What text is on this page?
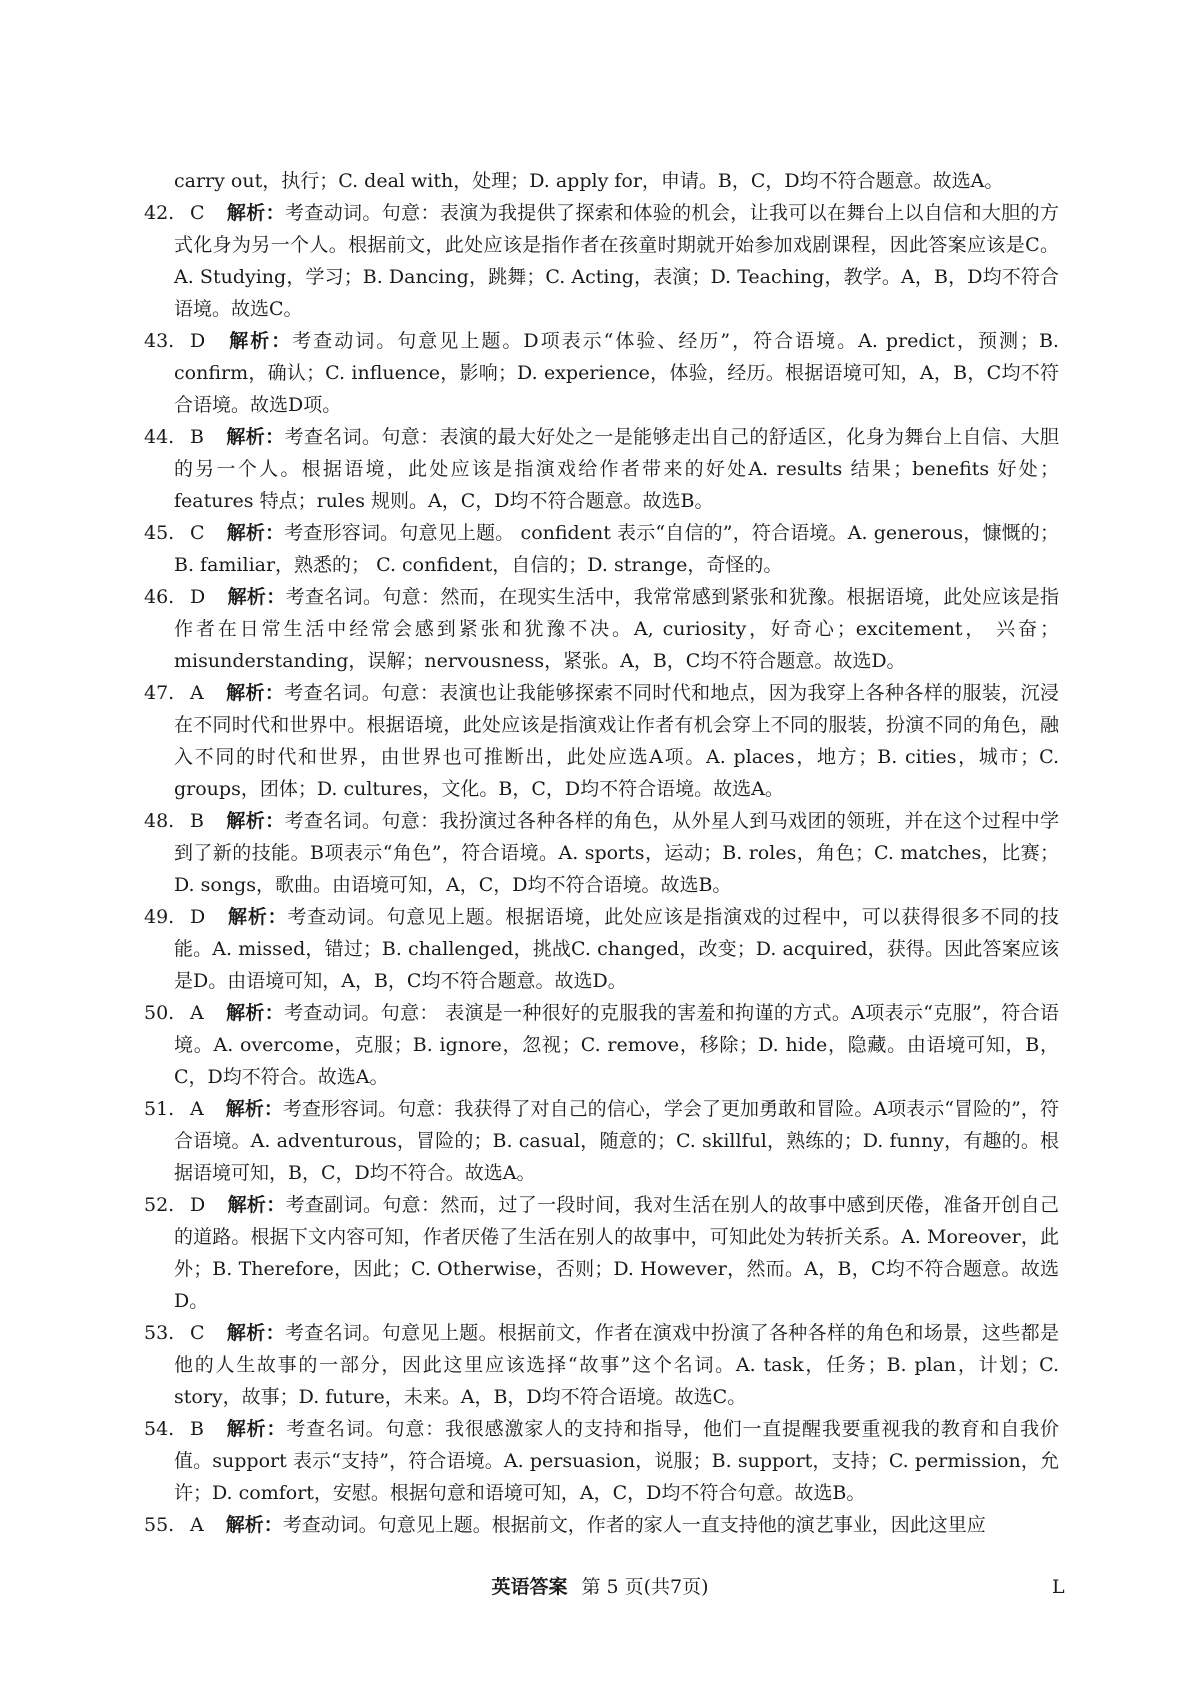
carry out，执行；C. deal with，处理；D. apply for，申请。B，C，D均不符合题意。故选A。
42. C 解析：考查动词。句意：表演为我提供了探索和体验的机会，让我可以在舞台上以自信和大胆的方式化身为另一个人。根据前文，此处应该是指作者在孩童时期就开始参加戏剧课程，因此答案应该是C。A. Studying，学习；B. Dancing，跳舞；C. Acting，表演；D. Teaching，教学。A，B，D均不符合语境。故选C。
43. D 解析：考查动词。句意见上题。D项表示“体验、经历”，符合语境。A. predict，预测；B. confirm，确认；C. influence，影响；D. experience，体验，经历。根据语境可知，A，B，C均不符合语境。故选D项。
44. B 解析：考查名词。句意：表演的最大好处之一是能够走出自己的舒适区，化身为舞台上自信、大胆的另一个人。根据语境，此处应该是指演戏给作者带来的好处A. results 结果；benefits 好处；features 特点；rules 规则。A，C，D均不符合题意。故选B。
45. C 解析：考查形容词。句意见上题。 confident 表示“自信的”，符合语境。A. generous，慷慨的；B. familiar，熟悉的； C. confident，自信的；D. strange，奇怪的。
46. D 解析：考查名词。句意：然而，在现实生活中，我常常感到紧张和犹豫。根据语境，此处应该是指作者在日常生活中经常会感到紧张和犹豫不决。A, curiosity，好奇心；excitement， 兴奋；misunderstanding，误解；nervousness，紧张。A，B，C均不符合题意。故选D。
47. A 解析：考查名词。句意：表演也让我能够探索不同时代和地点，因为我穿上各种各样的服装，沉浸在不同时代和世界中。根据语境，此处应该是指演戏让作者有机会穿上不同的服装，扮演不同的角色，融入不同的时代和世界，由世界也可推断出，此处应选A项。A. places，地方；B. cities，城市；C. groups，团体；D. cultures，文化。B，C，D均不符合语境。故选A。
48. B 解析：考查名词。句意：我扮演过各种各样的角色，从外星人到马戏团的领班，并在这个过程中学到了新的技能。B项表示“角色”，符合语境。A. sports，运动；B. roles，角色；C. matches，比赛；D. songs，歌曲。由语境可知，A，C，D均不符合语境。故选B。
49. D 解析：考查动词。句意见上题。根据语境，此处应该是指演戏的过程中，可以获得很多不同的技能。A. missed，错过；B. challenged，挑战C. changed，改变；D. acquired，获得。因此答案应该是D。由语境可知，A，B，C均不符合题意。故选D。
50. A 解析：考查动词。句意： 表演是一种很好的克服我的害羞和拘谨的方式。A项表示“克服”，符合语境。A. overcome，克服；B. ignore，忽视；C. remove，移除；D. hide，隐藏。由语境可知，B，C，D均不符合。故选A。
51. A 解析：考查形容词。句意：我获得了对自己的信心，学会了更加勇敢和冒险。A项表示“冒险的”，符合语境。A. adventurous，冒险的；B. casual，随意的；C. skillful，熟练的；D. funny，有趣的。根据语境可知，B，C，D均不符合。故选A。
52. D 解析：考查副词。句意：然而，过了一段时间，我对生活在别人的故事中感到厌倦，准备开创自己的道路。根据下文内容可知，作者厌倦了生活在别人的故事中，可知此处为转折关系。A. Moreover，此外；B. Therefore，因此；C. Otherwise，否则；D. However，然而。A，B，C均不符合题意。故选D。
53. C 解析：考查名词。句意见上题。根据前文，作者在演戏中扮演了各种各样的角色和场景，这些都是他的人生故事的一部分，因此这里应该选择“故事”这个名词。A. task，任务；B. plan，计划；C. story，故事；D. future，未来。A，B，D均不符合语境。故选C。
54. B 解析：考查名词。句意：我很感激家人的支持和指导，他们一直提醒我要重视我的教育和自我价值。support 表示“支持”，符合语境。A. persuasion，说服；B. support，支持；C. permission，允许；D. comfort，安慰。根据句意和语境可知，A，C，D均不符合句意。故选B。
55. A 解析：考查动词。句意见上题。根据前文，作者的家人一直支持他的演艺事业，因此这里应
英语答案 第 5 页(共7页)	L
